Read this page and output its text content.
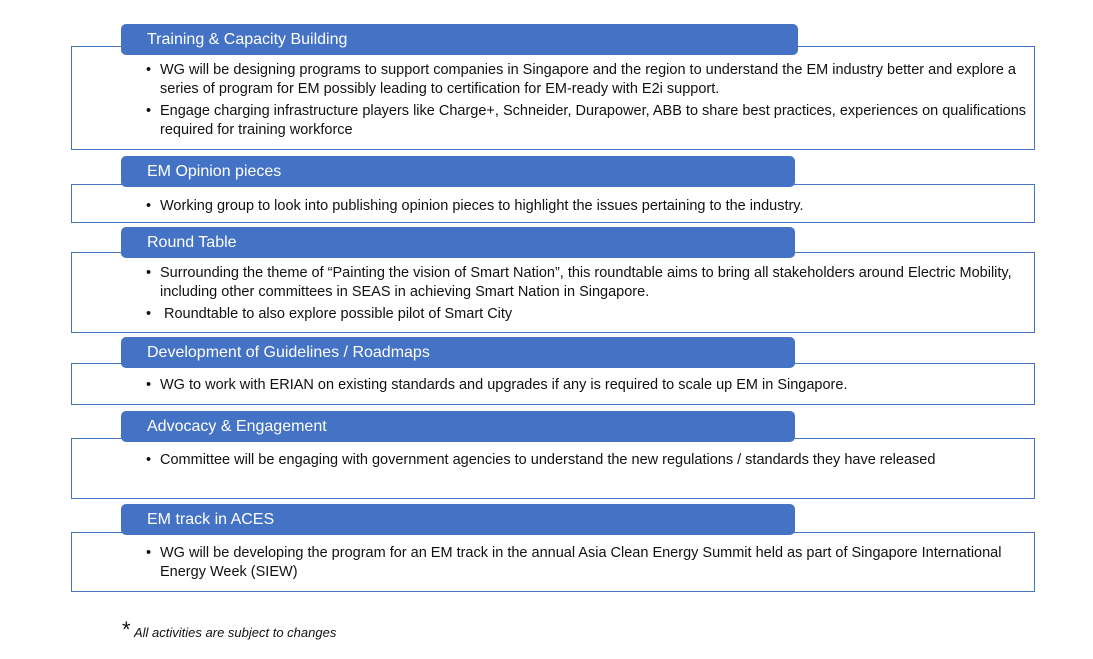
Training & Capacity Building
• WG will be designing programs to support companies in Singapore and the region to understand the EM industry better and explore a series of program for EM possibly leading to certification for EM-ready with E2i support.
• Engage charging infrastructure players like Charge+, Schneider, Durapower, ABB to share best practices, experiences on qualifications required for training workforce
EM Opinion pieces
• Working group to look into publishing opinion pieces to highlight the issues pertaining to the industry.
Round Table
• Surrounding the theme of “Painting the vision of Smart Nation”, this roundtable aims to bring all stakeholders around Electric Mobility, including other committees in SEAS in achieving Smart Nation in Singapore.
• Roundtable to also explore possible pilot of Smart City
Development of Guidelines / Roadmaps
• WG to work with ERIAN on existing standards and upgrades if any is required to scale up EM in Singapore.
Advocacy & Engagement
• Committee will be engaging with government agencies to understand the new regulations / standards they have released
EM track in ACES
• WG will be developing the program for an EM track in the annual Asia Clean Energy Summit held as part of Singapore International Energy Week (SIEW)
* All activities are subject to changes
